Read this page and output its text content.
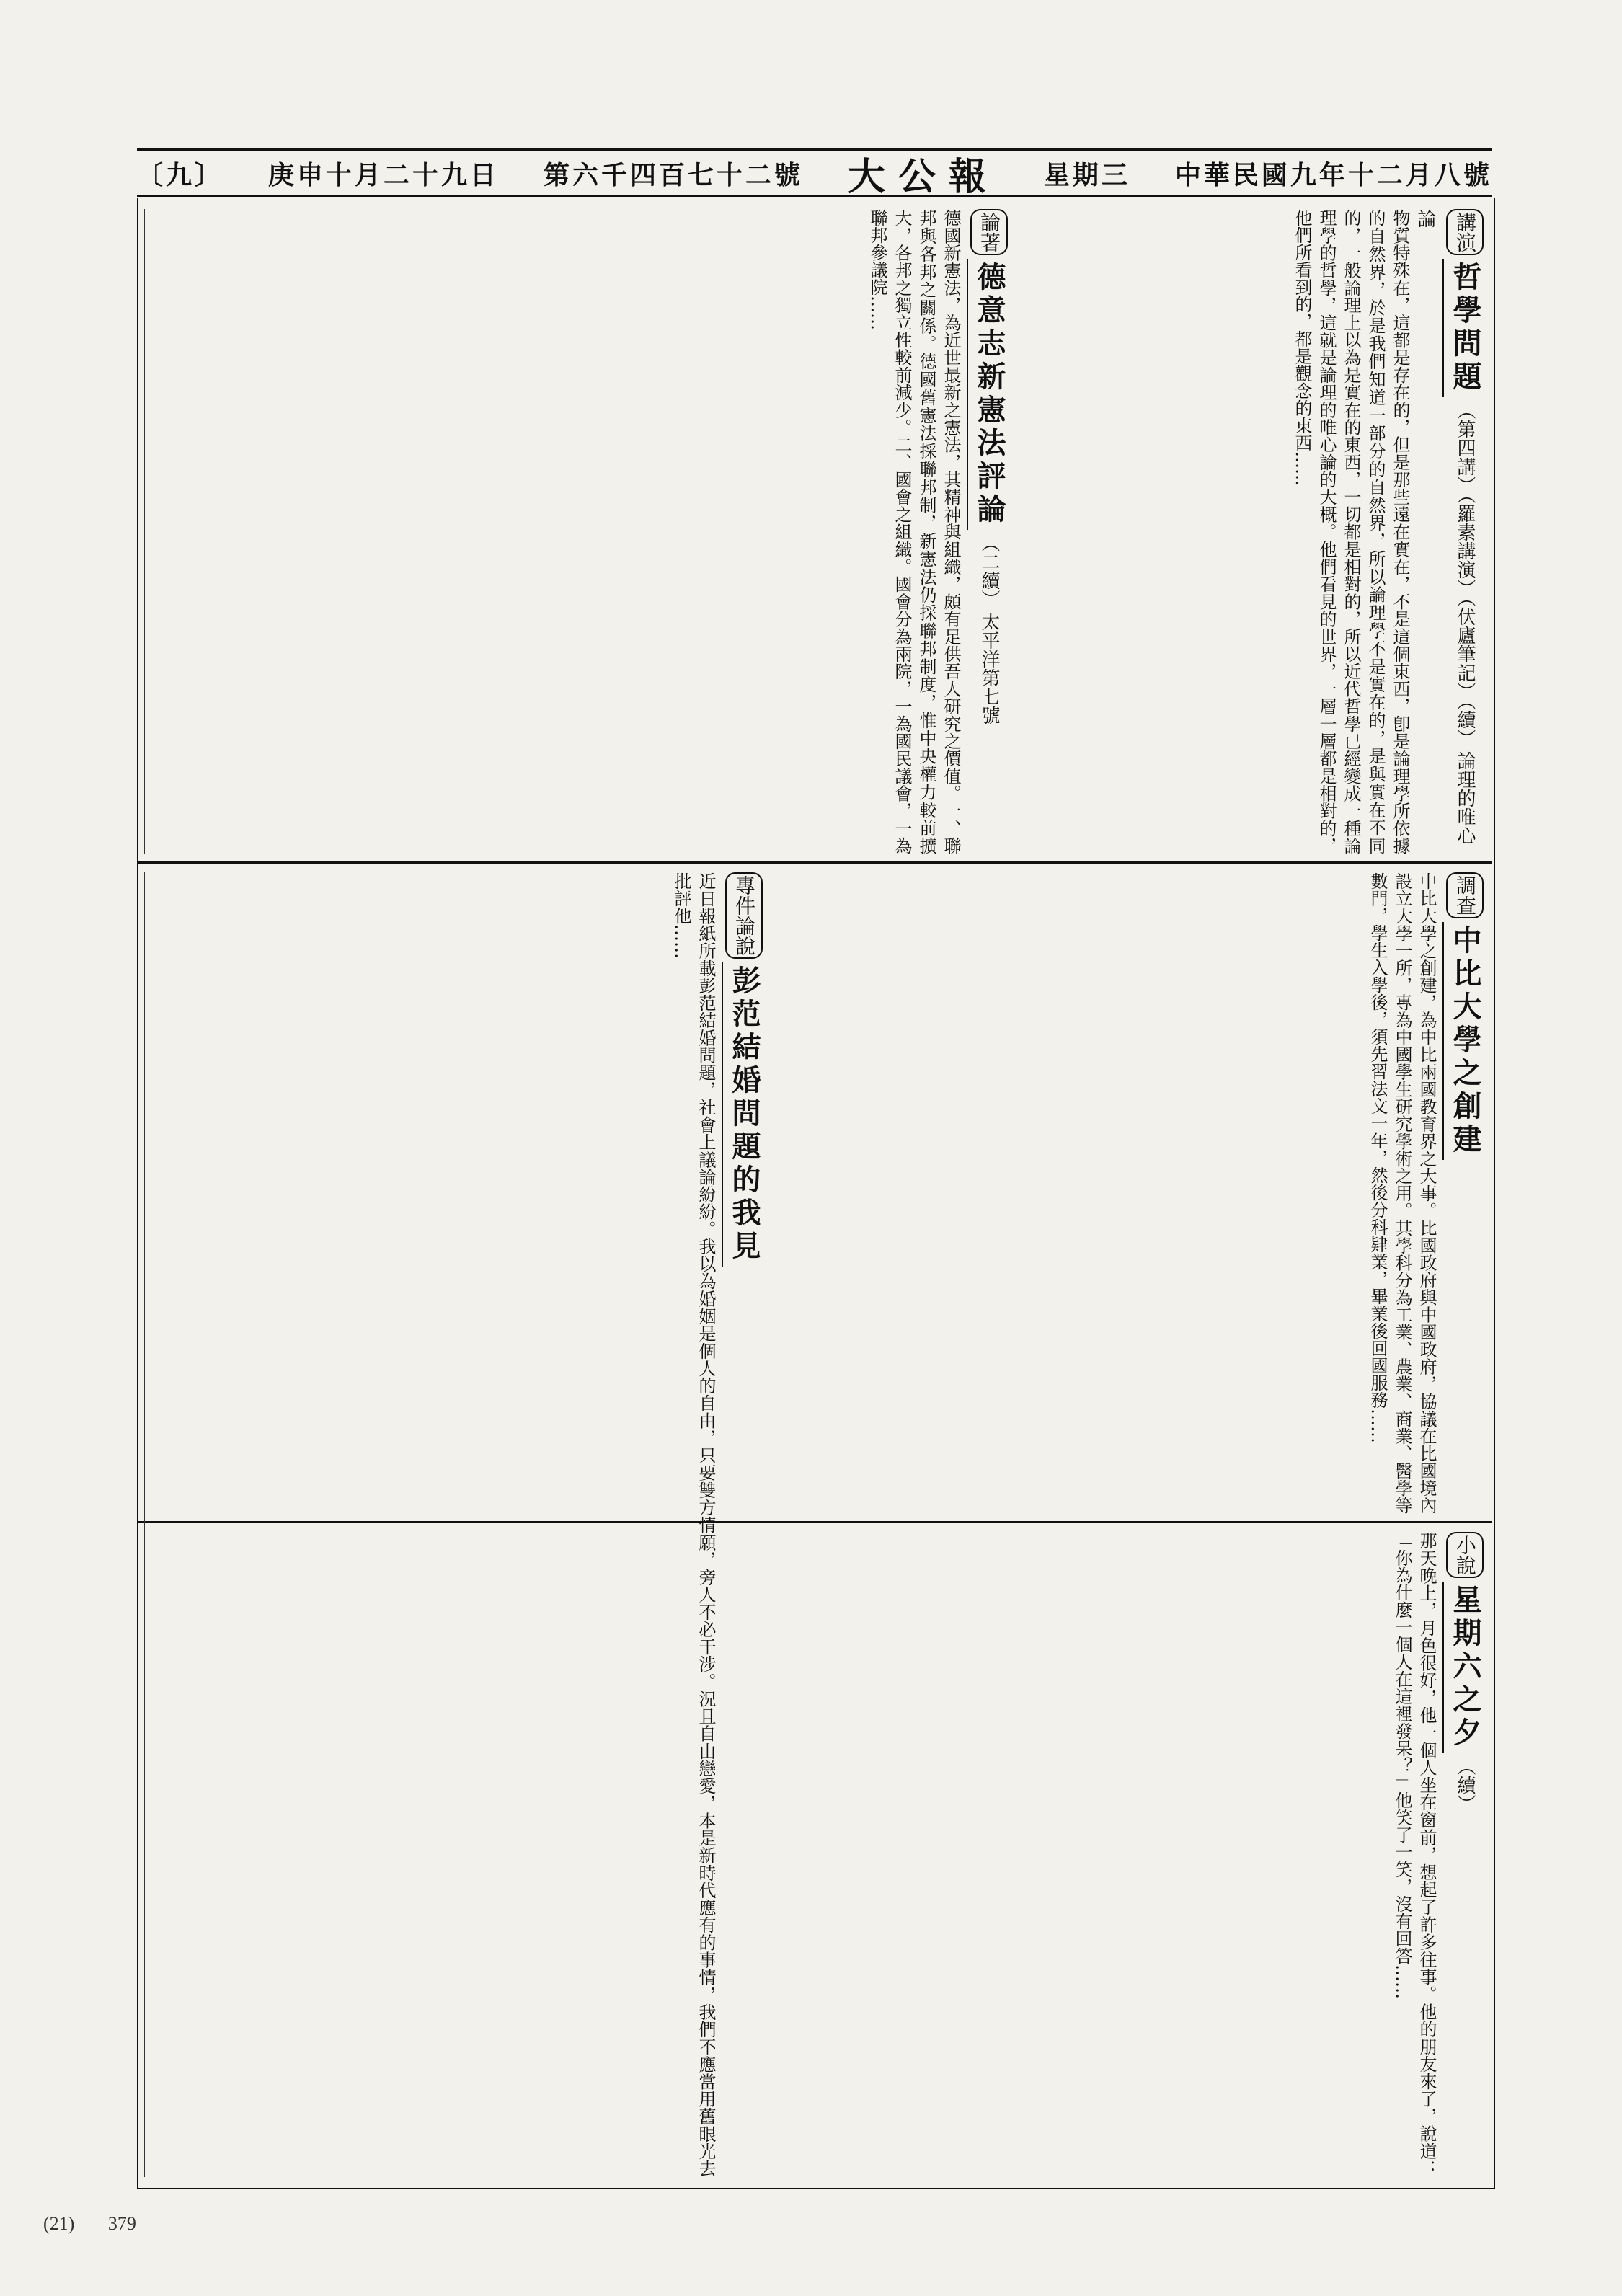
中華民國九年十二月八號
星期三
大公報
第六千四百七十二號
庚申十月二十九日
〔九〕
講演 哲學問題 （第四講）（羅素講演）（伏廬筆記）（續） 論理的唯心論
物質特殊在，這都是存在的，但是那些遠在實在，不是這個東西，卽是論理學所依據的自然界，於是我們知道一部分的自然界，所以論理學不是實在的，是與實在不同的，一般論理上以為是實在的東西，一切都是相對的，所以近代哲學已經變成一種論理學的哲學，這就是論理的唯心論的大概。他們看見的世界，一層一層都是相對的，他們所看到的，都是觀念的東西……
論著 德意志新憲法評論 （二續） 太平洋第七號
德國新憲法，為近世最新之憲法，其精神與組織，頗有足供吾人研究之價值。一、聯邦與各邦之關係。德國舊憲法採聯邦制，新憲法仍採聯邦制度，惟中央權力較前擴大，各邦之獨立性較前減少。二、國會之組織。國會分為兩院，一為國民議會，一為聯邦參議院……
調查 中比大學之創建
中比大學之創建，為中比兩國教育界之大事。比國政府與中國政府，協議在比國境內設立大學一所，專為中國學生研究學術之用。其學科分為工業、農業、商業、醫學等數門，學生入學後，須先習法文一年，然後分科肄業，畢業後回國服務……
專件論說 彭范結婚問題的我見
近日報紙所載彭范結婚問題，社會上議論紛紛。我以為婚姻是個人的自由，只要雙方情願，旁人不必干涉。況且自由戀愛，本是新時代應有的事情，我們不應當用舊眼光去批評他……
小說 星期六之夕 （續）
那天晚上，月色很好，他一個人坐在窗前，想起了許多往事。他的朋友來了，說道：「你為什麼一個人在這裡發呆？」他笑了一笑，沒有回答……
(21) 379
